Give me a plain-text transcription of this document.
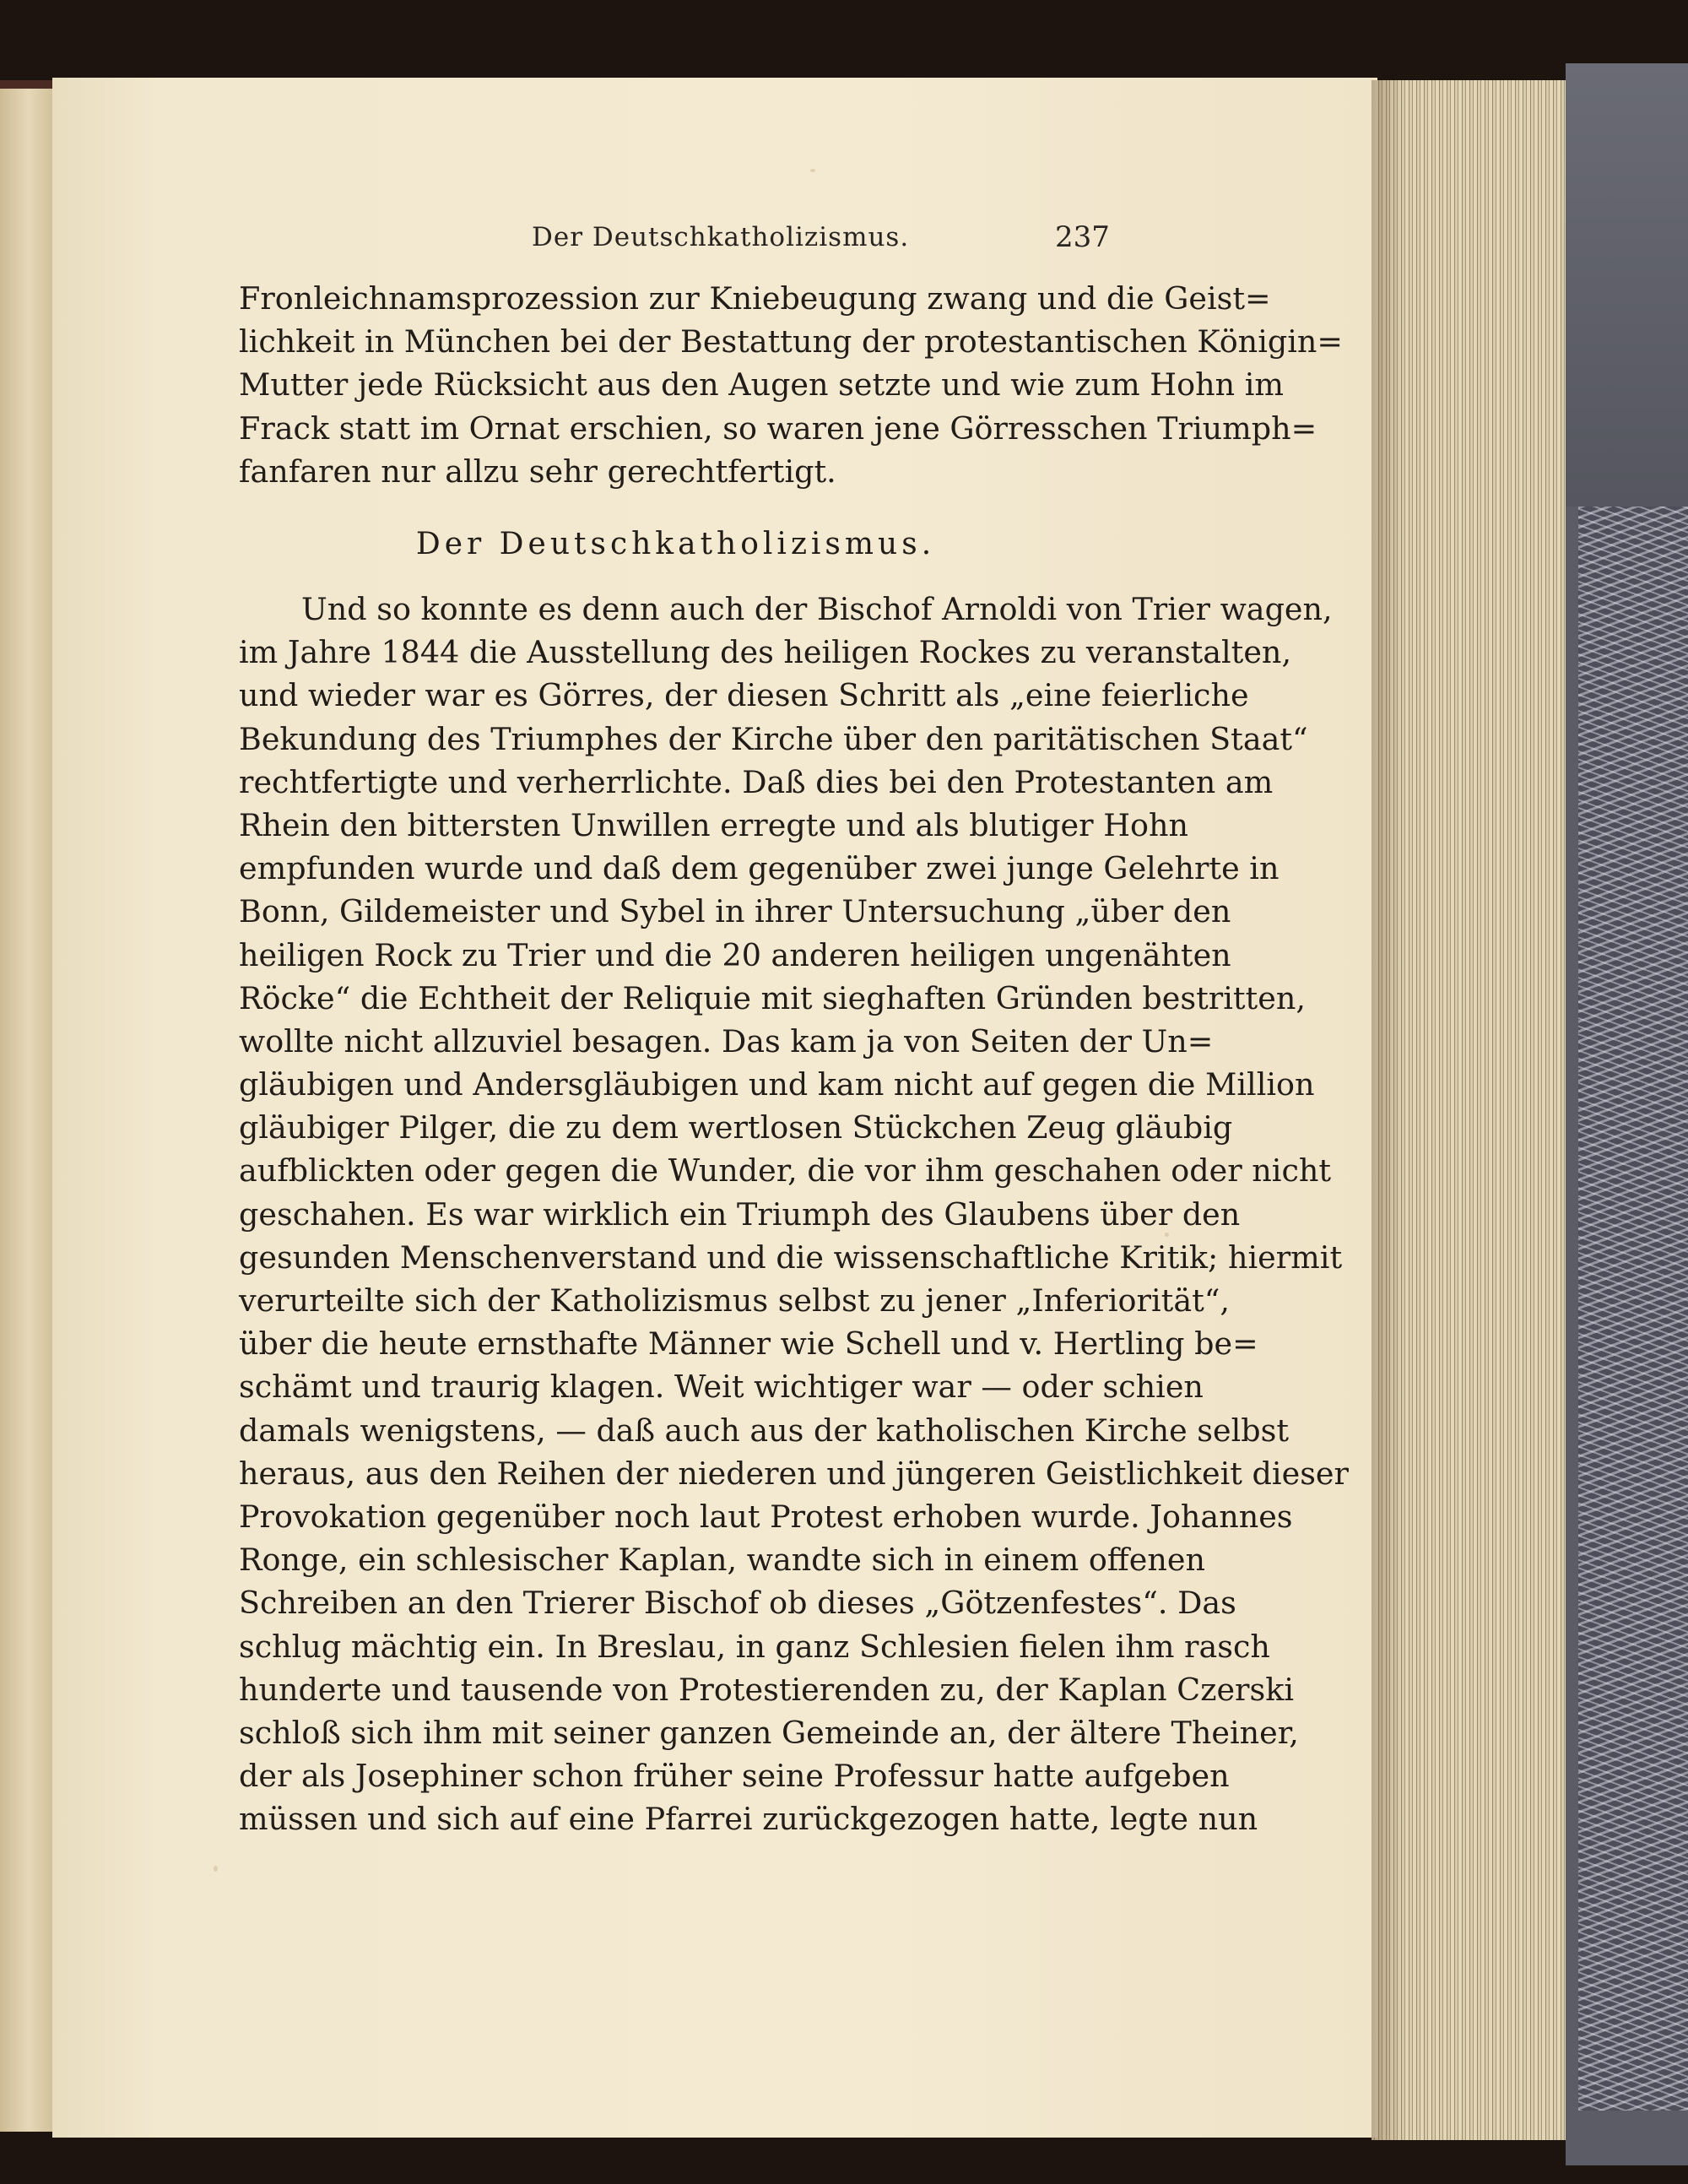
Der Deutschkatholizismus.	237
Fronleichnamsprozession zur Kniebeugung zwang und die Geist=
lichkeit in München bei der Bestattung der protestantischen Königin=
Mutter jede Rücksicht aus den Augen setzte und wie zum Hohn im
Frack statt im Ornat erschien, so waren jene Görresschen Triumph=
fanfaren nur allzu sehr gerechtfertigt.
Der Deutschkatholizismus.
Und so konnte es denn auch der Bischof Arnoldi von Trier wagen,
im Jahre 1844 die Ausstellung des heiligen Rockes zu veranstalten,
und wieder war es Görres, der diesen Schritt als „eine feierliche
Bekundung des Triumphes der Kirche über den paritätischen Staat“
rechtfertigte und verherrlichte. Daß dies bei den Protestanten am
Rhein den bittersten Unwillen erregte und als blutiger Hohn
empfunden wurde und daß dem gegenüber zwei junge Gelehrte in
Bonn, Gildemeister und Sybel in ihrer Untersuchung „über den
heiligen Rock zu Trier und die 20 anderen heiligen ungenähten
Röcke“ die Echtheit der Reliquie mit sieghaften Gründen bestritten,
wollte nicht allzuviel besagen. Das kam ja von Seiten der Un=
gläubigen und Andersgläubigen und kam nicht auf gegen die Million
gläubiger Pilger, die zu dem wertlosen Stückchen Zeug gläubig
aufblickten oder gegen die Wunder, die vor ihm geschahen oder nicht
geschahen. Es war wirklich ein Triumph des Glaubens über den
gesunden Menschenverstand und die wissenschaftliche Kritik; hiermit
verurteilte sich der Katholizismus selbst zu jener „Inferiorität“,
über die heute ernsthafte Männer wie Schell und v. Hertling be=
schämt und traurig klagen. Weit wichtiger war — oder schien
damals wenigstens, — daß auch aus der katholischen Kirche selbst
heraus, aus den Reihen der niederen und jüngeren Geistlichkeit dieser
Provokation gegenüber noch laut Protest erhoben wurde. Johannes
Ronge, ein schlesischer Kaplan, wandte sich in einem offenen
Schreiben an den Trierer Bischof ob dieses „Götzenfestes“. Das
schlug mächtig ein. In Breslau, in ganz Schlesien fielen ihm rasch
hunderte und tausende von Protestierenden zu, der Kaplan Czerski
schloß sich ihm mit seiner ganzen Gemeinde an, der ältere Theiner,
der als Josephiner schon früher seine Professur hatte aufgeben
müssen und sich auf eine Pfarrei zurückgezogen hatte, legte nun
